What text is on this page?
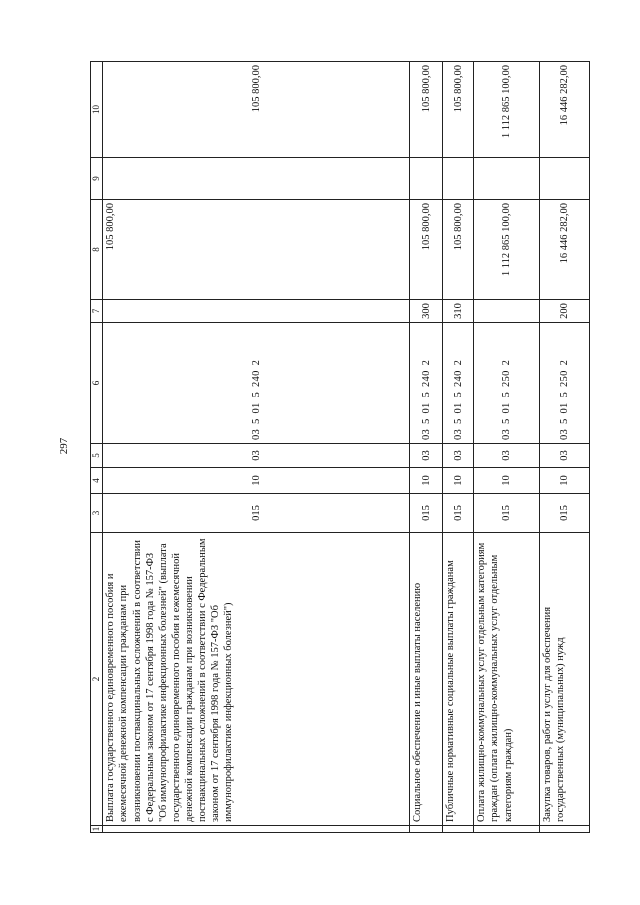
297
1	2	3	4	5	6	7	8	9	10
	Выплата государственного единовременного пособия и ежемесячной денежной компенсации гражданам при возникновении поствакцинальных осложнений в соответствии с Федеральным законом от 17 сентября 1998 года № 157-ФЗ "Об иммунопрофилактике инфекционных болезней" (выплата государственного единовременного пособия и ежемесячной денежной компенсации гражданам при возникновении поствакцинальных осложнений в соответствии с Федеральным законом от 17 сентября 1998 года № 157-ФЗ "Об иммунопрофилактике инфекционных болезней")	015	10	03	03 5 01 5 240 2		105 800,00		105 800,00
	Социальное обеспечение и иные выплаты населению	015	10	03	03 5 01 5 240 2	300	105 800,00		105 800,00
	Публичные нормативные социальные выплаты гражданам	015	10	03	03 5 01 5 240 2	310	105 800,00		105 800,00
	Оплата жилищно-коммунальных услуг отдельным категориям граждан (оплата жилищно-коммунальных услуг отдельным категориям граждан)	015	10	03	03 5 01 5 250 2		1 112 865 100,00		1 112 865 100,00
	Закупка товаров, работ и услуг для обеспечения государственных (муниципальных) нужд	015	10	03	03 5 01 5 250 2	200	16 446 282,00		16 446 282,00
